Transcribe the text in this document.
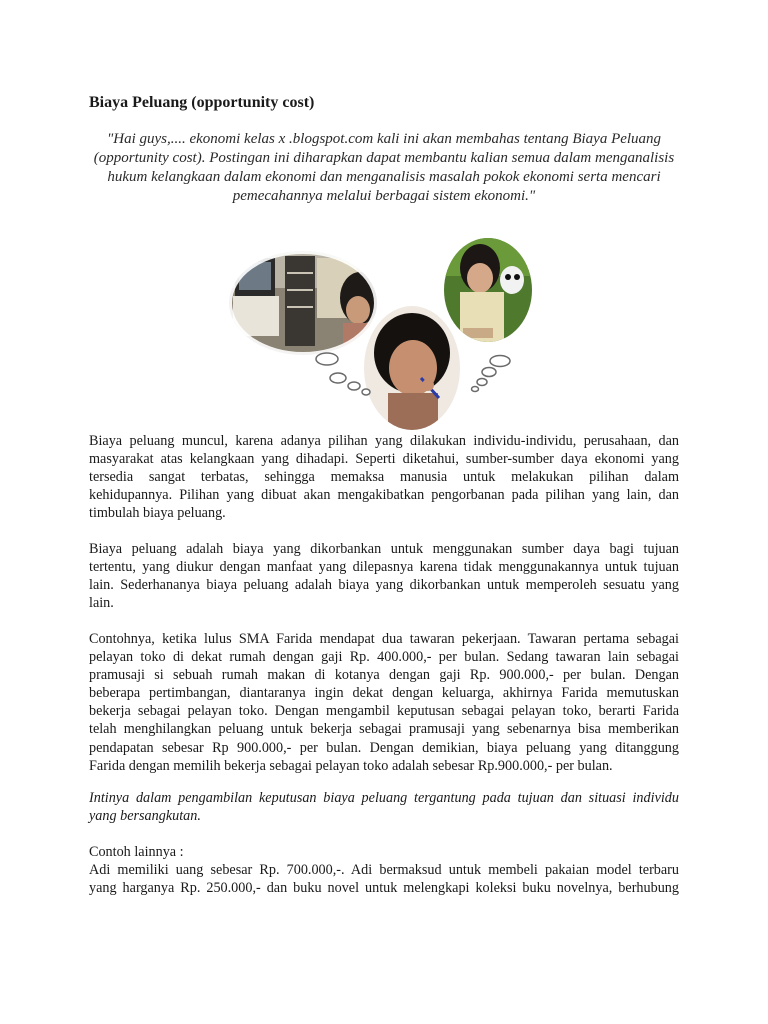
Biaya Peluang (opportunity cost)

"Hai guys,.... ekonomi kelas x .blogspot.com kali ini akan membahas tentang Biaya Peluang
(opportunity cost). Postingan ini diharapkan dapat membantu kalian semua dalam menganalisis
hukum kelangkaan dalam ekonomi dan menganalisis masalah pokok ekonomi serta mencari
pemecahannya melalui berbagai sistem ekonomi."

Biaya peluang muncul, karena adanya pilihan yang dilakukan individu-individu, perusahaan, dan
masyarakat atas kelangkaan yang dihadapi. Seperti diketahui, sumber-sumber daya ekonomi yang
tersedia sangat terbatas, sehingga memaksa manusia untuk melakukan pilihan dalam
kehidupannya. Pilihan yang dibuat akan mengakibatkan pengorbanan pada pilihan yang lain, dan
timbulah biaya peluang.

Biaya peluang adalah biaya yang dikorbankan untuk menggunakan sumber daya bagi tujuan
tertentu, yang diukur dengan manfaat yang dilepasnya karena tidak menggunakannya untuk tujuan
lain. Sederhananya biaya peluang adalah biaya yang dikorbankan untuk memperoleh sesuatu yang
lain.

Contohnya, ketika lulus SMA Farida mendapat dua tawaran pekerjaan. Tawaran pertama sebagai
pelayan toko di dekat rumah dengan gaji Rp. 400.000,- per bulan. Sedang tawaran lain sebagai
pramusaji si sebuah rumah makan di kotanya dengan gaji Rp. 900.000,- per bulan. Dengan
beberapa pertimbangan, diantaranya ingin dekat dengan keluarga, akhirnya Farida memutuskan
bekerja sebagai pelayan toko. Dengan mengambil keputusan sebagai pelayan toko, berarti Farida
telah menghilangkan peluang untuk bekerja sebagai pramusaji yang sebenarnya bisa memberikan
pendapatan sebesar Rp 900.000,- per bulan. Dengan demikian, biaya peluang yang ditanggung
Farida dengan memilih bekerja sebagai pelayan toko adalah sebesar Rp.900.000,- per bulan.

Intinya dalam pengambilan keputusan biaya peluang tergantung pada tujuan dan situasi individu
yang bersangkutan.

Contoh lainnya :
Adi memiliki uang sebesar Rp. 700.000,-. Adi bermaksud untuk membeli pakaian model terbaru
yang harganya Rp. 250.000,- dan buku novel untuk melengkapi koleksi buku novelnya, berhubung
